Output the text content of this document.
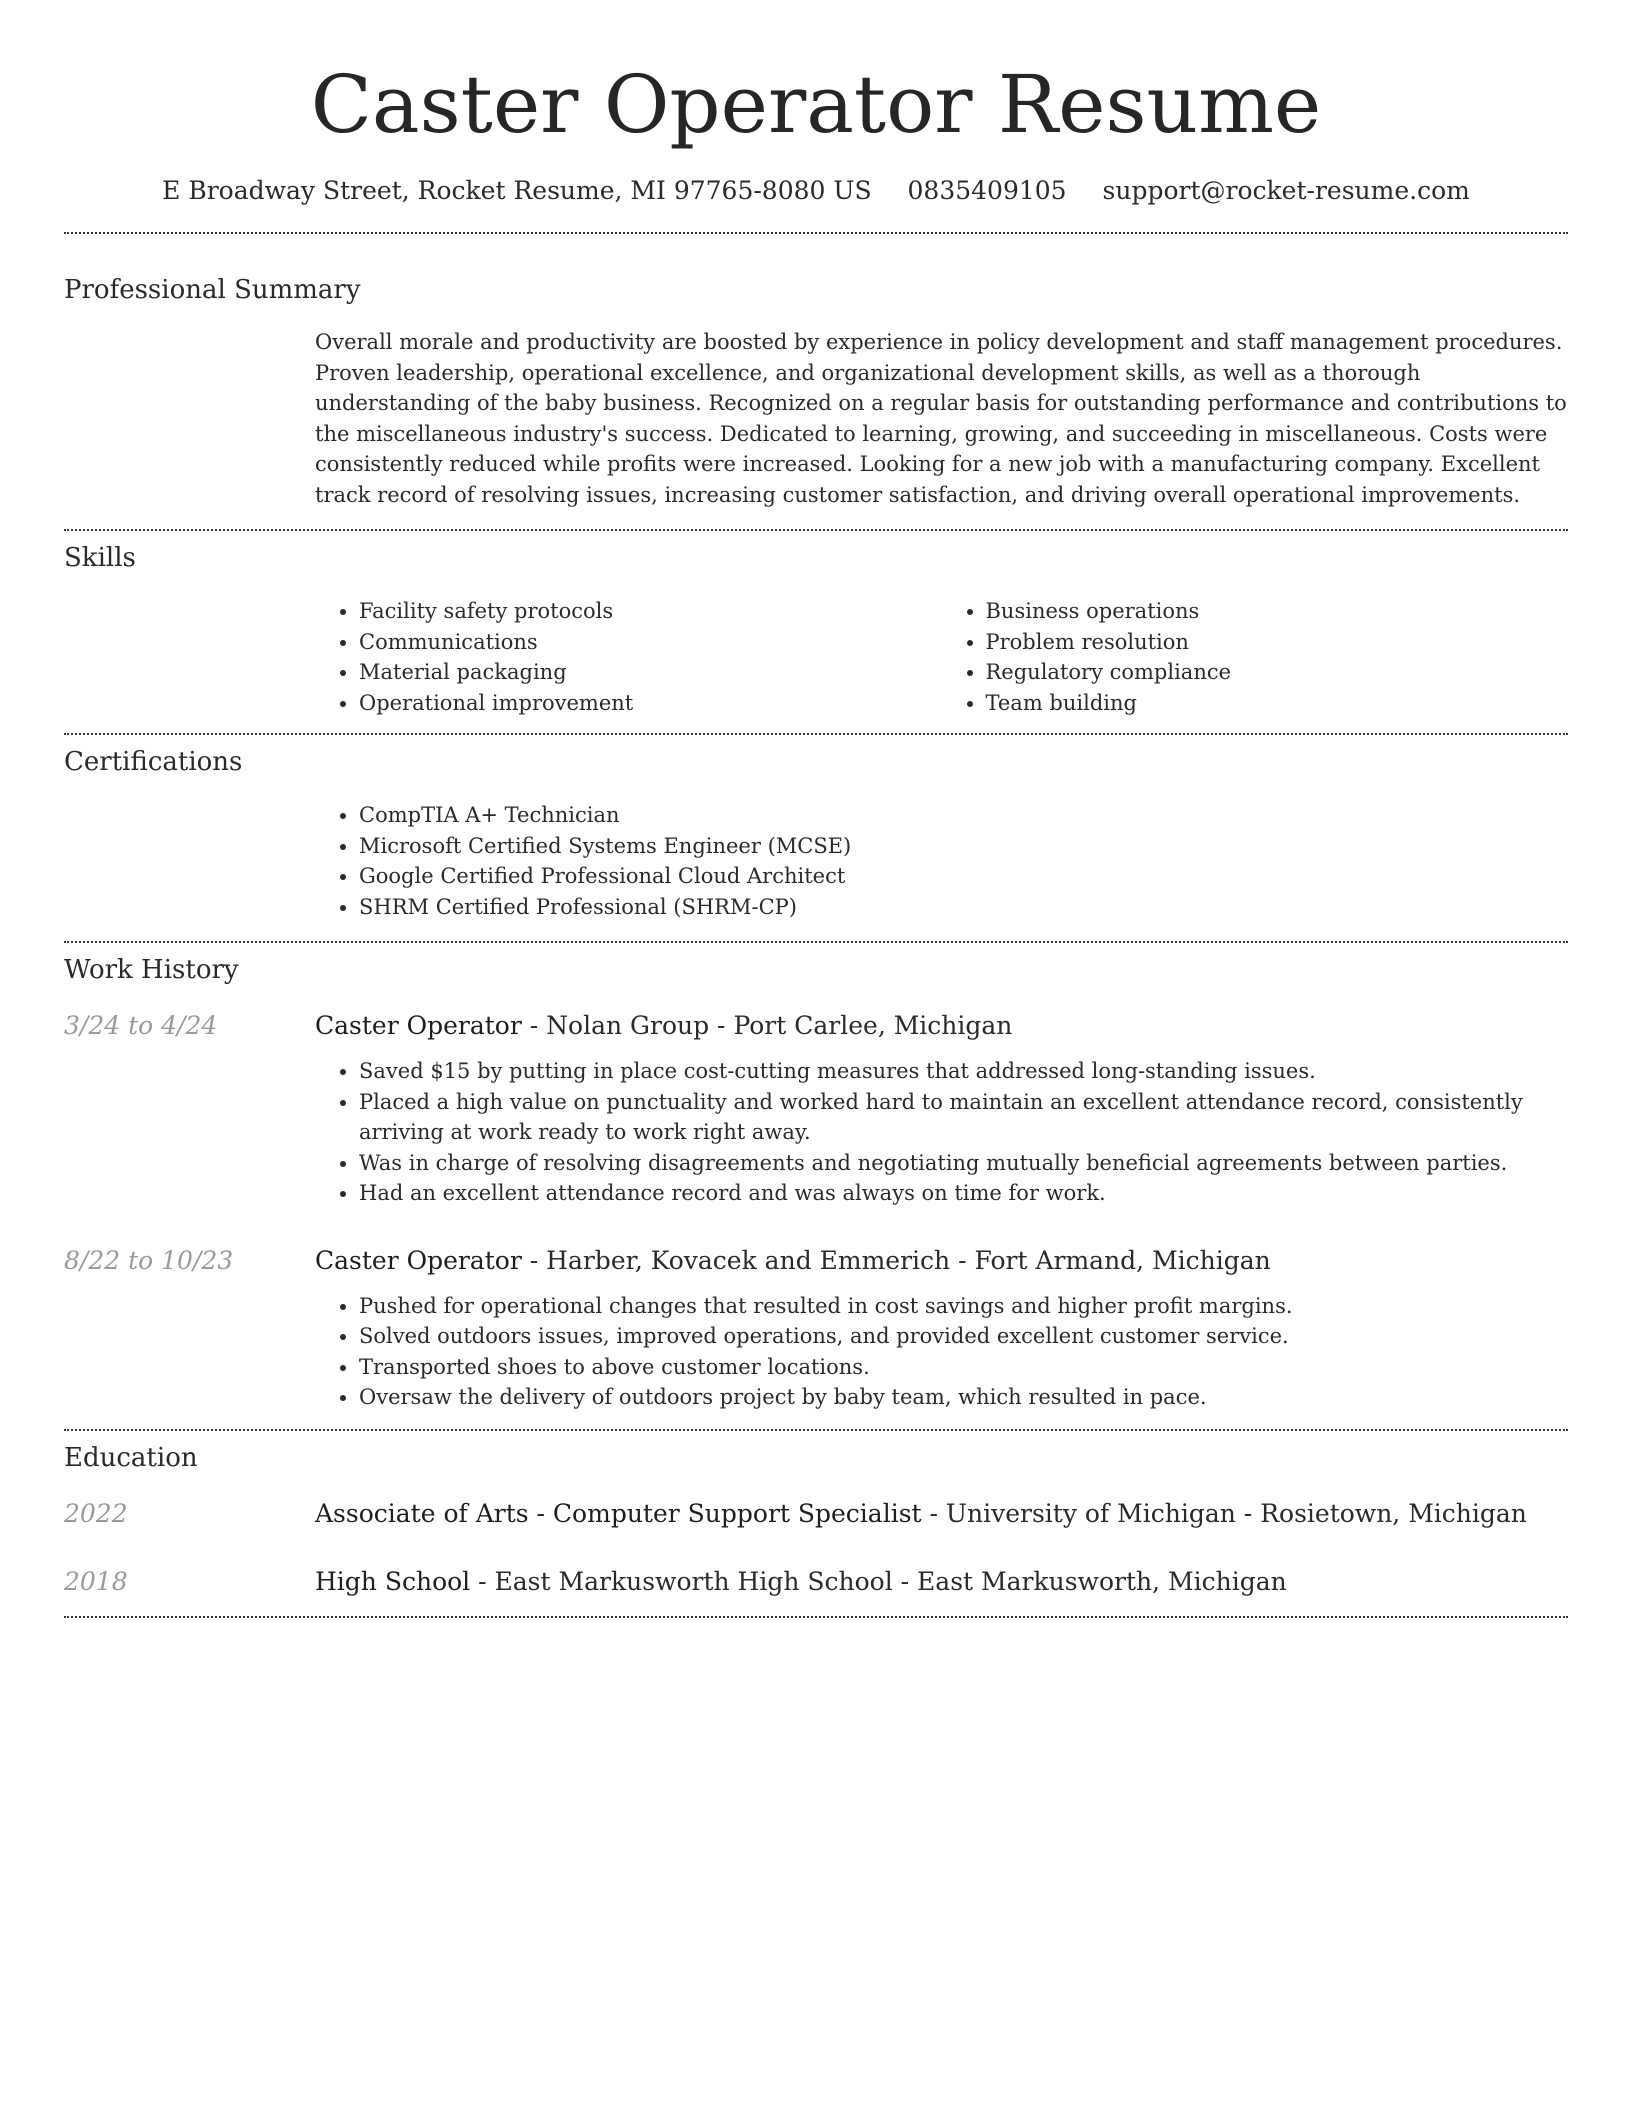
Caster Operator Resume
E Broadway Street, Rocket Resume, MI 97765-8080 US 0835409105 support@rocket-resume.com
Professional Summary
Overall morale and productivity are boosted by experience in policy development and staff management procedures. Proven leadership, operational excellence, and organizational development skills, as well as a thorough understanding of the baby business. Recognized on a regular basis for outstanding performance and contributions to the miscellaneous industry's success. Dedicated to learning, growing, and succeeding in miscellaneous. Costs were consistently reduced while profits were increased. Looking for a new job with a manufacturing company. Excellent track record of resolving issues, increasing customer satisfaction, and driving overall operational improvements.
Skills
• Facility safety protocols
• Communications
• Material packaging
• Operational improvement
• Business operations
• Problem resolution
• Regulatory compliance
• Team building
Certifications
• CompTIA A+ Technician
• Microsoft Certified Systems Engineer (MCSE)
• Google Certified Professional Cloud Architect
• SHRM Certified Professional (SHRM-CP)
Work History
3/24 to 4/24	Caster Operator - Nolan Group - Port Carlee, Michigan
• Saved $15 by putting in place cost-cutting measures that addressed long-standing issues.
• Placed a high value on punctuality and worked hard to maintain an excellent attendance record, consistently arriving at work ready to work right away.
• Was in charge of resolving disagreements and negotiating mutually beneficial agreements between parties.
• Had an excellent attendance record and was always on time for work.
8/22 to 10/23	Caster Operator - Harber, Kovacek and Emmerich - Fort Armand, Michigan
• Pushed for operational changes that resulted in cost savings and higher profit margins.
• Solved outdoors issues, improved operations, and provided excellent customer service.
• Transported shoes to above customer locations.
• Oversaw the delivery of outdoors project by baby team, which resulted in pace.
Education
2022	Associate of Arts - Computer Support Specialist - University of Michigan - Rosietown, Michigan
2018	High School - East Markusworth High School - East Markusworth, Michigan
